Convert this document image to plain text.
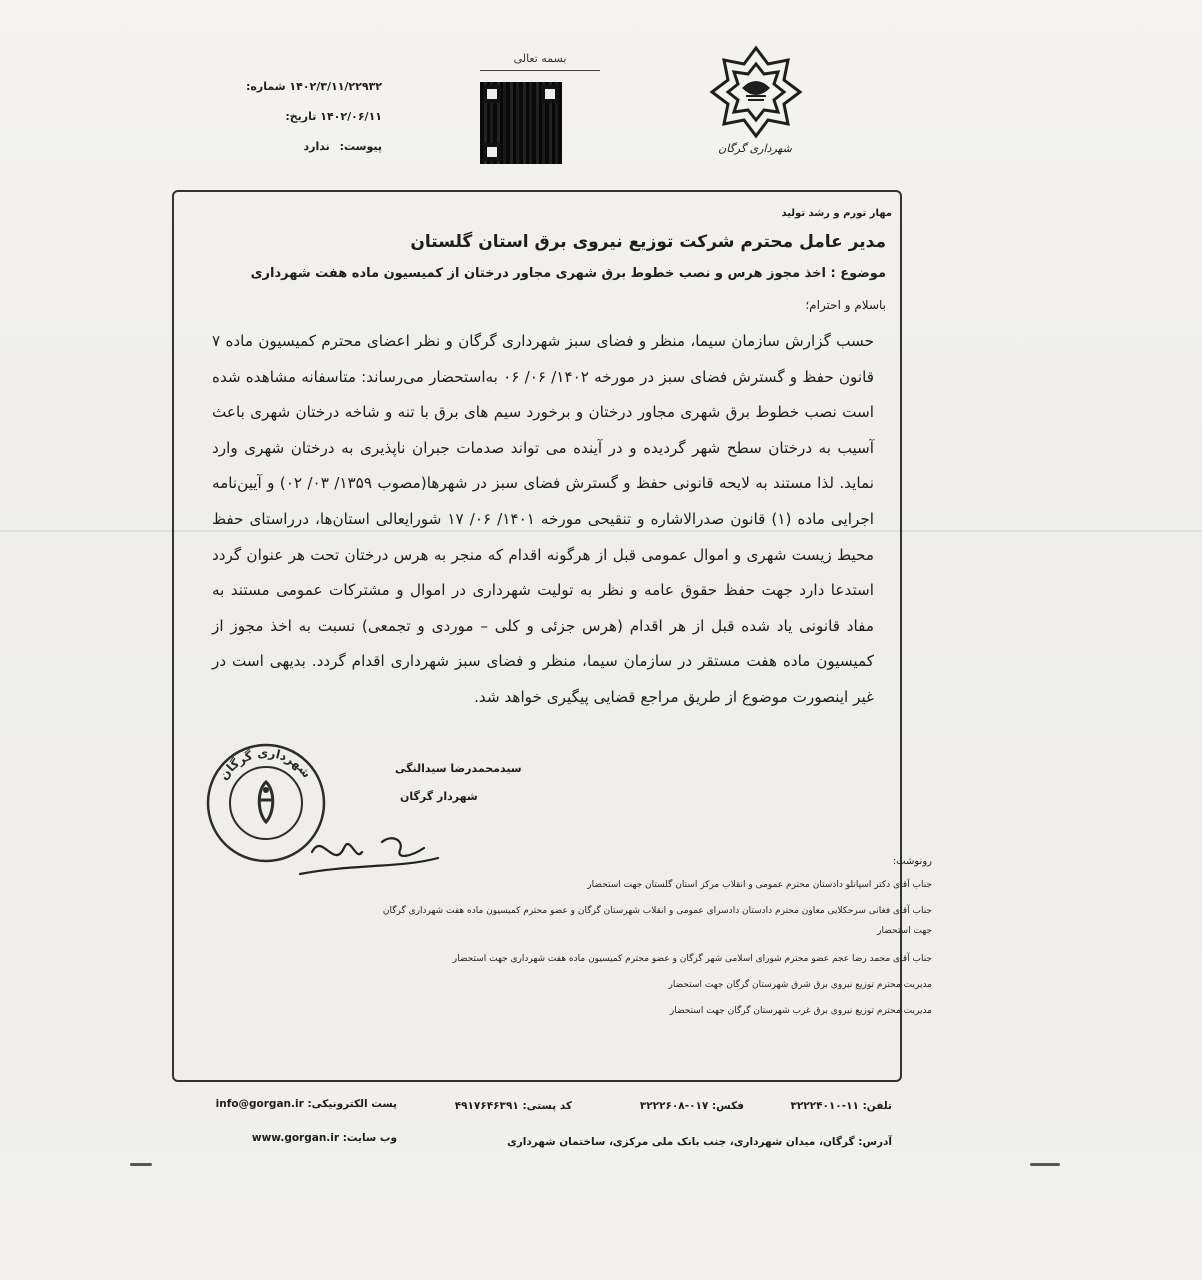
بسمه تعالی
شماره: ۱۴۰۲/۳/۱۱/۲۲۹۳۲
تاریخ: ۱۴۰۲/۰۶/۱۱
پیوست: ندارد	شهرداری گرگان
مهار تورم و رشد تولید
مدیر عامل محترم شرکت توزیع نیروی برق استان گلستان
موضوع : اخذ مجوز هرس و نصب خطوط برق شهری مجاور درختان از کمیسیون ماده هفت شهرداری
باسلام و احترام؛
حسب گزارش سازمان سیما، منظر و فضای سبز شهرداری گرگان و نظر اعضای محترم کمیسیون ماده ۷ قانون حفظ و گسترش فضای سبز در مورخه ۱۴۰۲/ ۰۶/ ۰۶ به‌استحضار می‌رساند: متاسفانه مشاهده شده است نصب خطوط برق شهری مجاور درختان و برخورد سیم های برق با تنه و شاخه درختان شهری باعث آسیب به درختان سطح شهر گردیده و در آینده می تواند صدمات جبران ناپذیری به درختان شهری وارد نماید. لذا مستند به لایحه قانونی حفظ و گسترش فضای سبز در شهرها(مصوب ۱۳۵۹/ ۰۳/ ۰۲) و آیین‌نامه اجرایی ماده (۱) قانون صدرالاشاره و تنقیحی مورخه ۱۴۰۱/ ۰۶/ ۱۷ شورایعالی استان‌ها، درراستای حفظ محیط زیست شهری و اموال عمومی قبل از هرگونه اقدام که منجر به هرس درختان تحت هر عنوان گردد استدعا دارد جهت حفظ حقوق عامه و نظر به تولیت شهرداری در اموال و مشترکات عمومی مستند به مفاد قانونی یاد شده قبل از هر اقدام (هرس جزئی و کلی – موردی و تجمعی) نسبت به اخذ مجوز از کمیسیون ماده هفت مستقر در سازمان سیما، منظر و فضای سبز شهرداری اقدام گردد. بدیهی است در غیر اینصورت موضوع از طریق مراجع قضایی پیگیری خواهد شد.
سیدمحمدرضا سیدالنگی
شهردار گرگان
شهرداری گرگان
رونوشت:
جناب آقای دکتر اسپانلو دادستان محترم عمومی و انقلاب مرکز استان گلستان جهت استحضار
جناب آقای فغانی سرحکلایی معاون محترم دادستان دادسرای عمومی و انقلاب شهرستان گرگان و عضو محترم کمیسیون ماده هفت شهرداری گرگان
جهت استحضار
جناب آقای محمد رضا عجم عضو محترم شورای اسلامی شهر گرگان و عضو محترم کمیسیون ماده هفت شهرداری جهت استحضار
مدیریت محترم توزیع نیروی برق شرق شهرستان گرگان جهت استحضار
مدیریت محترم توزیع نیروی برق غرب شهرستان گرگان جهت استحضار
تلفن: ۱۱-۳۲۲۲۴۰۱۰
فکس: ۰۱۷-۳۲۲۲۶۰۸
کد پستی: ۴۹۱۷۶۴۶۳۹۱
پست الکترونیکی: info@gorgan.ir
وب سایت: www.gorgan.ir	آدرس: گرگان، میدان شهرداری، جنب بانک ملی مرکزی، ساختمان شهرداری
